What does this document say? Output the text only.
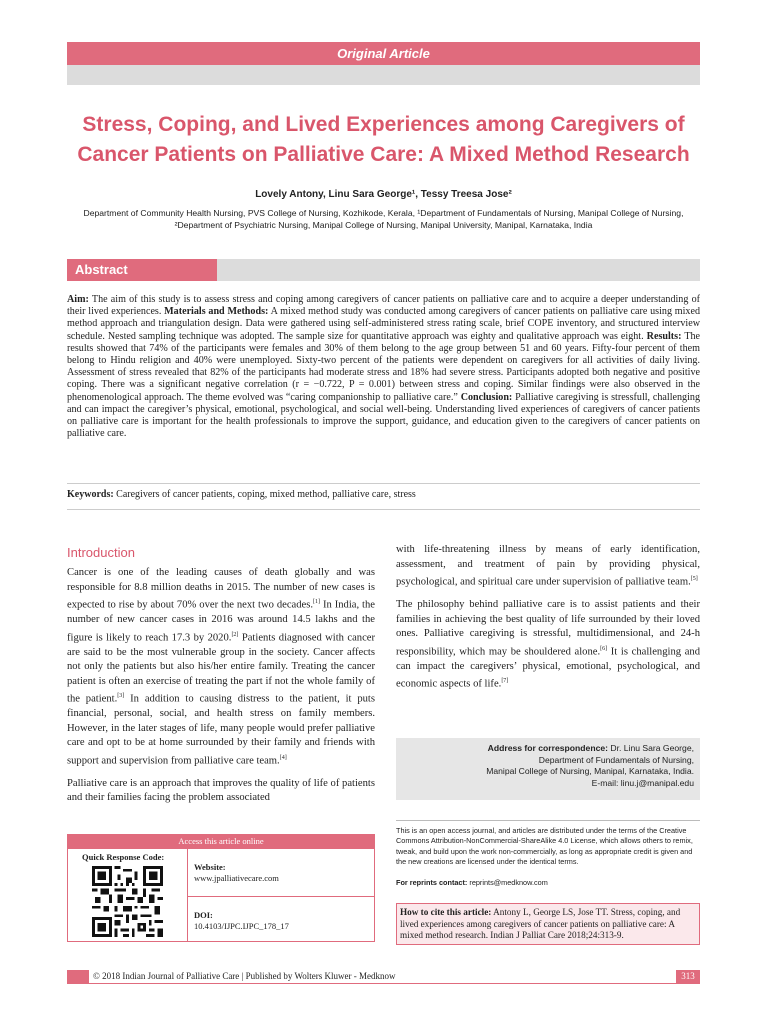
Original Article
Stress, Coping, and Lived Experiences among Caregivers of Cancer Patients on Palliative Care: A Mixed Method Research
Lovely Antony, Linu Sara George¹, Tessy Treesa Jose²
Department of Community Health Nursing, PVS College of Nursing, Kozhikode, Kerala, ¹Department of Fundamentals of Nursing, Manipal College of Nursing,
²Department of Psychiatric Nursing, Manipal College of Nursing, Manipal University, Manipal, Karnataka, India
Abstract
Aim: The aim of this study is to assess stress and coping among caregivers of cancer patients on palliative care and to acquire a deeper understanding of their lived experiences. Materials and Methods: A mixed method study was conducted among caregivers of cancer patients on palliative care using mixed method approach and triangulation design. Data were gathered using self-administered stress rating scale, brief COPE inventory, and structured interview schedule. Nested sampling technique was adopted. The sample size for quantitative approach was eighty and qualitative approach was eight. Results: The results showed that 74% of the participants were females and 30% of them belong to the age group between 51 and 60 years. Fifty-four percent of them belong to Hindu religion and 40% were unemployed. Sixty-two percent of the patients were dependent on caregivers for all activities of daily living. Assessment of stress revealed that 82% of the participants had moderate stress and 18% had severe stress. Participants adopted both negative and positive coping. There was a significant negative correlation (r = −0.722, P = 0.001) between stress and coping. Similar findings were also observed in the phenomenological approach. The theme evolved was “caring companionship to palliative care.” Conclusion: Palliative caregiving is stressfull, challenging and can impact the caregiver’s physical, emotional, psychological, and social well-being. Understanding lived experiences of caregivers of cancer patients on palliative care is important for the health professionals to improve the support, guidance, and education given to the caregivers of cancer patients on palliative care.
Keywords: Caregivers of cancer patients, coping, mixed method, palliative care, stress
Introduction

Cancer is one of the leading causes of death globally and was responsible for 8.8 million deaths in 2015. The number of new cases is expected to rise by about 70% over the next two decades.[1] In India, the number of new cancer cases in 2016 was around 14.5 lakhs and the figure is likely to reach 17.3 by 2020.[2] Patients diagnosed with cancer are said to be the most vulnerable group in the society. Cancer affects not only the patients but also his/her entire family. Treating the cancer patient is often an exercise of treating the part if not the whole family of the patient.[3] In addition to causing distress to the patient, it puts financial, personal, social, and health stress on family members. However, in the later stages of life, many people would prefer palliative care and opt to be at home surrounded by their family and friends with support and supervision from palliative care team.[4]

Palliative care is an approach that improves the quality of life of patients and their families facing the problem associated

with life-threatening illness by means of early identification, assessment, and treatment of pain by providing physical, psychological, and spiritual care under supervision of palliative team.[5]

The philosophy behind palliative care is to assist patients and their families in achieving the best quality of life surrounded by their loved ones. Palliative caregiving is stressful, multidimensional, and 24-h responsibility, which may be shouldered alone.[6] It is challenging and can impact the caregivers’ physical, emotional, psychological, and economic aspects of life.[7]

Address for correspondence: Dr. Linu Sara George,
Department of Fundamentals of Nursing,
Manipal College of Nursing, Manipal, Karnataka, India.
E-mail: linu.j@manipal.edu
This is an open access journal, and articles are distributed under the terms of the Creative Commons Attribution-NonCommercial-ShareAlike 4.0 License, which allows others to remix, tweak, and build upon the work non-commercially, as long as appropriate credit is given and the new creations are licensed under the identical terms.
For reprints contact: reprints@medknow.com
How to cite this article: Antony L, George LS, Jose TT. Stress, coping, and lived experiences among caregivers of cancer patients on palliative care: A mixed method research. Indian J Palliat Care 2018;24:313-9.
Access this article online
Quick Response Code:
Website:
www.jpalliativecare.com
DOI:
10.4103/IJPC.IJPC_178_17
© 2018 Indian Journal of Palliative Care | Published by Wolters Kluwer - Medknow	313
